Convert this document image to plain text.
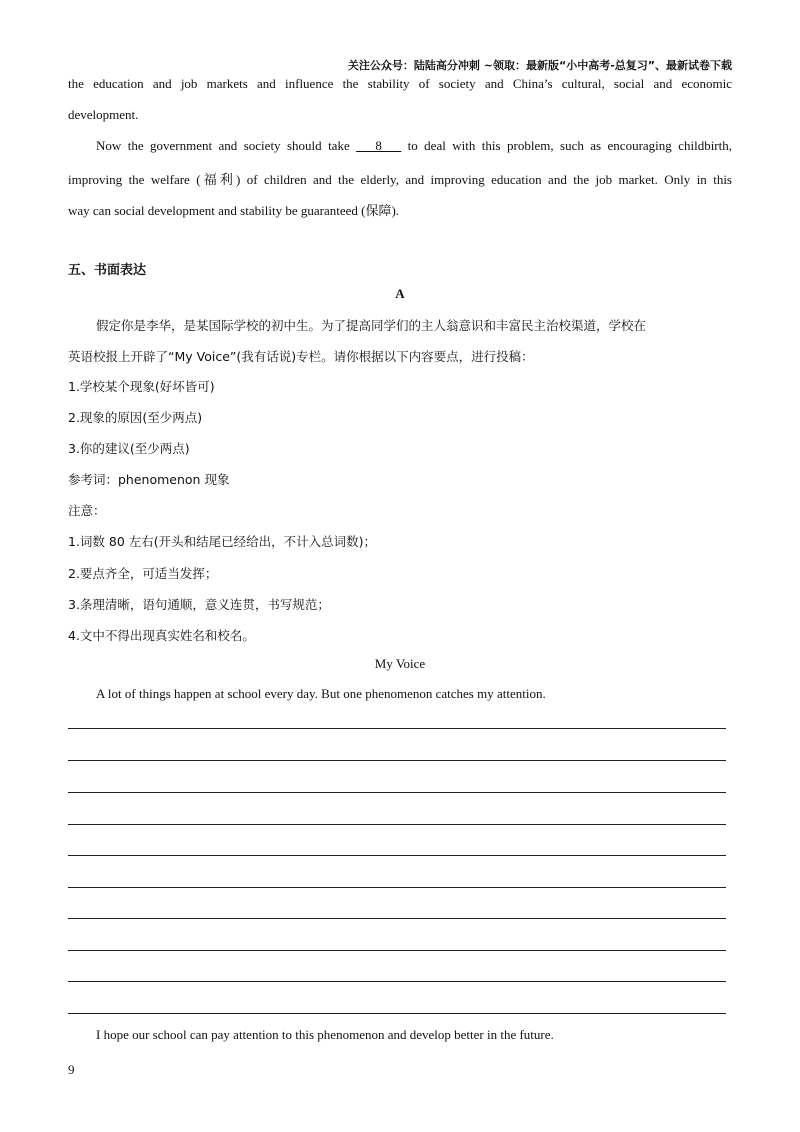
关注公众号：陆陆高分冲刺 ~领取：最新版“小中高考-总复习”、最新试卷下载
the education and job markets and influence the stability of society and China’s cultural, social and economic
development.
Now the government and society should take    8    to deal with this problem, such as encouraging childbirth,
improving the welfare (福利) of children and the elderly, and improving education and the job market. Only in this
way can social development and stability be guaranteed (保障).
五、书面表达
A
假定你是李华，是某国际学校的初中生。为了提高同学们的主人翁意识和丰富民主治校渠道，学校在
英语校报上开辟了“My Voice”(我有话说)专栏。请你根据以下内容要点，进行投稿：
1.学校某个现象(好坏皆可)
2.现象的原因(至少两点)
3.你的建议(至少两点)
参考词：phenomenon 现象
注意：
1.词数 80 左右(开头和结尾已经给出，不计入总词数)；
2.要点齐全，可适当发挥；
3.条理清晰，语句通顺，意义连贯，书写规范；
4.文中不得出现真实姓名和校名。
My Voice
A lot of things happen at school every day. But one phenomenon catches my attention.
I hope our school can pay attention to this phenomenon and develop better in the future.
9
